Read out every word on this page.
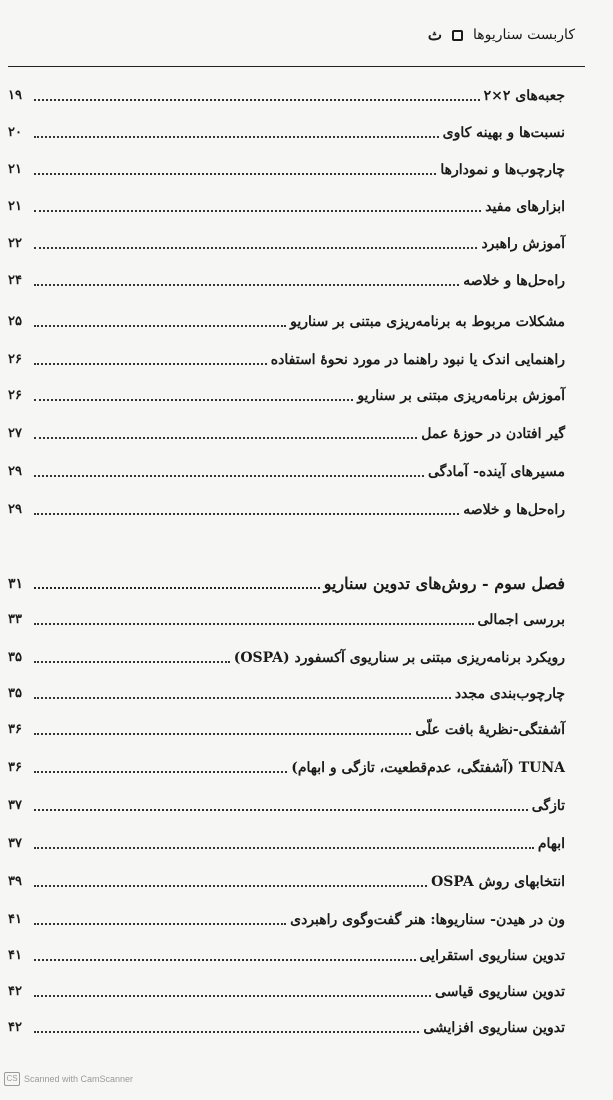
ث کاربست سناریوها
جعبه‌های ۲×۲
۱۹
نسبت‌ها و بهینه کاوی
۲۰
چارچوب‌ها و نمودارها
۲۱
ابزارهای مفید
۲۱
آموزش راهبرد
۲۲
راه‌حل‌ها و خلاصه
۲۴
مشکلات مربوط به برنامه‌ریزی مبتنی بر سناریو
۲۵
راهنمایی اندک یا نبود راهنما در مورد نحوهٔ استفاده
۲۶
آموزش برنامه‌ریزی مبتنی بر سناریو
۲۶
گیر افتادن در حوزهٔ عمل
۲۷
مسیرهای آینده- آمادگی
۲۹
راه‌حل‌ها و خلاصه
۲۹
فصل سوم - روش‌های تدوین سناریو
۳۱
بررسی اجمالی
۳۳
رویکرد برنامه‌ریزی مبتنی بر سناریوی آکسفورد (OSPA)
۳۵
چارچوب‌بندی مجدد
۳۵
آشفتگی-نظریهٔ بافت علّی
۳۶
TUNA (آشفتگی، عدم‌قطعیت، تازگی و ابهام)
۳۶
تازگی
۳۷
ابهام
۳۷
انتخابهای روش OSPA
۳۹
ون در هیدن- سناریوها: هنر گفت‌وگوی راهبردی
۴۱
تدوین سناریوی استقرایی
۴۱
تدوین سناریوی قیاسی
۴۲
تدوین سناریوی افزایشی
۴۲
CS Scanned with CamScanner
